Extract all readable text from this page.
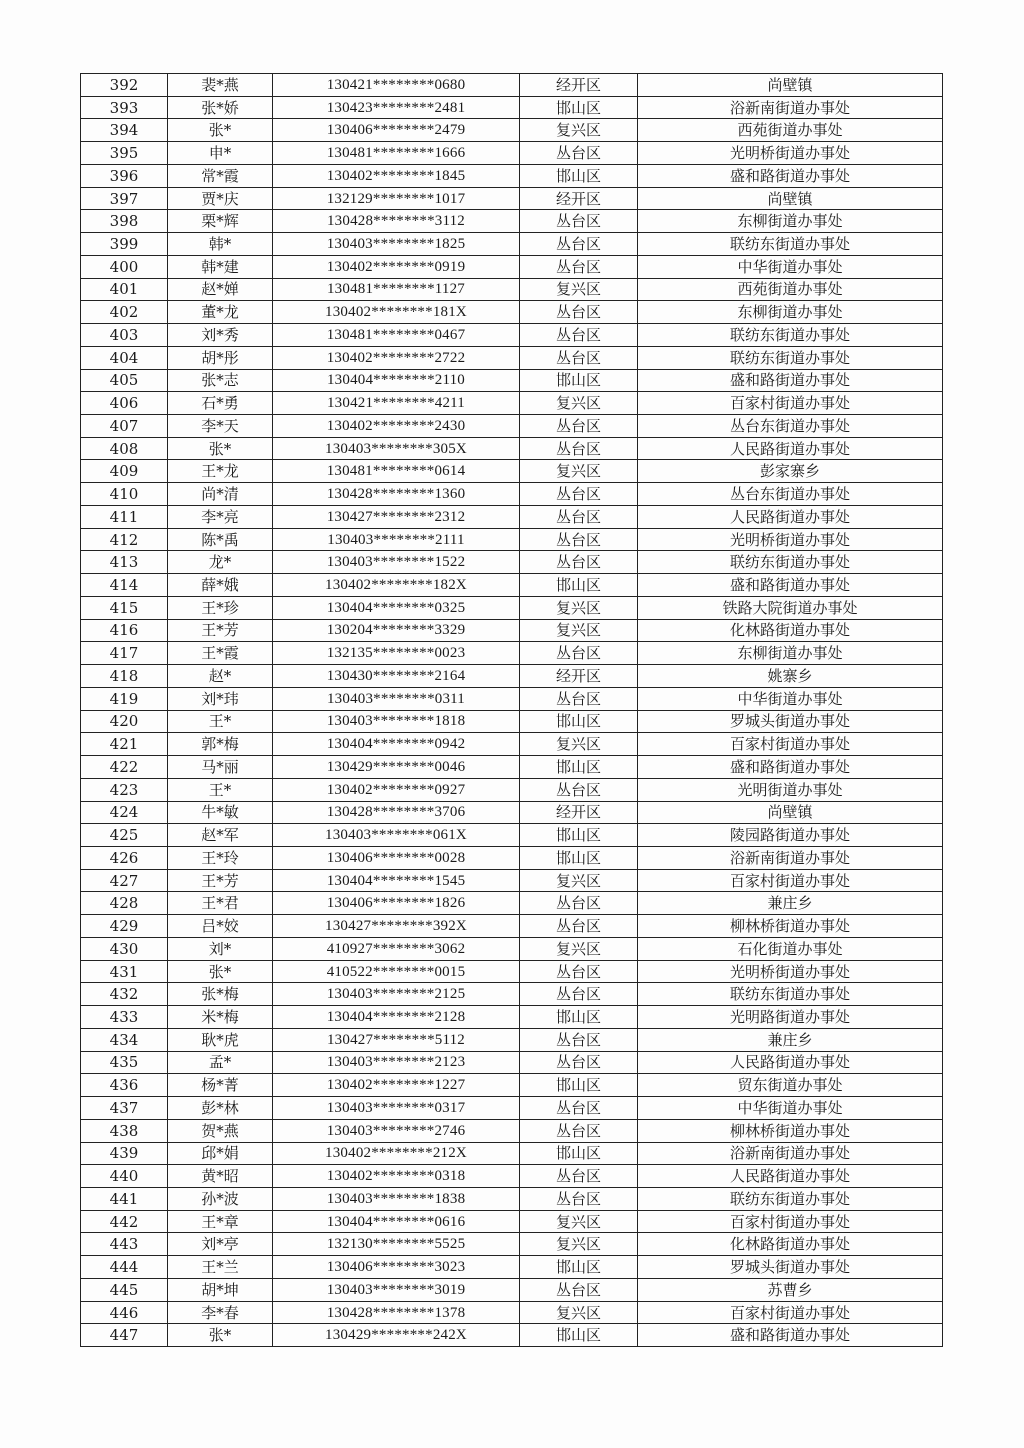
392	裴*燕	130421********0680	经开区	尚壁镇
393	张*娇	130423********2481	邯山区	浴新南街道办事处
394	张*	130406********2479	复兴区	西苑街道办事处
395	申*	130481********1666	丛台区	光明桥街道办事处
396	常*霞	130402********1845	邯山区	盛和路街道办事处
397	贾*庆	132129********1017	经开区	尚壁镇
398	栗*辉	130428********3112	丛台区	东柳街道办事处
399	韩*	130403********1825	丛台区	联纺东街道办事处
400	韩*建	130402********0919	丛台区	中华街道办事处
401	赵*婵	130481********1127	复兴区	西苑街道办事处
402	董*龙	130402********181X	丛台区	东柳街道办事处
403	刘*秀	130481********0467	丛台区	联纺东街道办事处
404	胡*彤	130402********2722	丛台区	联纺东街道办事处
405	张*志	130404********2110	邯山区	盛和路街道办事处
406	石*勇	130421********4211	复兴区	百家村街道办事处
407	李*天	130402********2430	丛台区	丛台东街道办事处
408	张*	130403********305X	丛台区	人民路街道办事处
409	王*龙	130481********0614	复兴区	彭家寨乡
410	尚*清	130428********1360	丛台区	丛台东街道办事处
411	李*亮	130427********2312	丛台区	人民路街道办事处
412	陈*禹	130403********2111	丛台区	光明桥街道办事处
413	龙*	130403********1522	丛台区	联纺东街道办事处
414	薛*娥	130402********182X	邯山区	盛和路街道办事处
415	王*珍	130404********0325	复兴区	铁路大院街道办事处
416	王*芳	130204********3329	复兴区	化林路街道办事处
417	王*霞	132135********0023	丛台区	东柳街道办事处
418	赵*	130430********2164	经开区	姚寨乡
419	刘*玮	130403********0311	丛台区	中华街道办事处
420	王*	130403********1818	邯山区	罗城头街道办事处
421	郭*梅	130404********0942	复兴区	百家村街道办事处
422	马*丽	130429********0046	邯山区	盛和路街道办事处
423	王*	130402********0927	丛台区	光明街道办事处
424	牛*敏	130428********3706	经开区	尚壁镇
425	赵*军	130403********061X	邯山区	陵园路街道办事处
426	王*玲	130406********0028	邯山区	浴新南街道办事处
427	王*芳	130404********1545	复兴区	百家村街道办事处
428	王*君	130406********1826	丛台区	兼庄乡
429	吕*姣	130427********392X	丛台区	柳林桥街道办事处
430	刘*	410927********3062	复兴区	石化街道办事处
431	张*	410522********0015	丛台区	光明桥街道办事处
432	张*梅	130403********2125	丛台区	联纺东街道办事处
433	米*梅	130404********2128	邯山区	光明路街道办事处
434	耿*虎	130427********5112	丛台区	兼庄乡
435	孟*	130403********2123	丛台区	人民路街道办事处
436	杨*菁	130402********1227	邯山区	贸东街道办事处
437	彭*林	130403********0317	丛台区	中华街道办事处
438	贺*燕	130403********2746	丛台区	柳林桥街道办事处
439	邱*娟	130402********212X	邯山区	浴新南街道办事处
440	黄*昭	130402********0318	丛台区	人民路街道办事处
441	孙*波	130403********1838	丛台区	联纺东街道办事处
442	王*章	130404********0616	复兴区	百家村街道办事处
443	刘*亭	132130********5525	复兴区	化林路街道办事处
444	王*兰	130406********3023	邯山区	罗城头街道办事处
445	胡*坤	130403********3019	丛台区	苏曹乡
446	李*春	130428********1378	复兴区	百家村街道办事处
447	张*	130429********242X	邯山区	盛和路街道办事处
